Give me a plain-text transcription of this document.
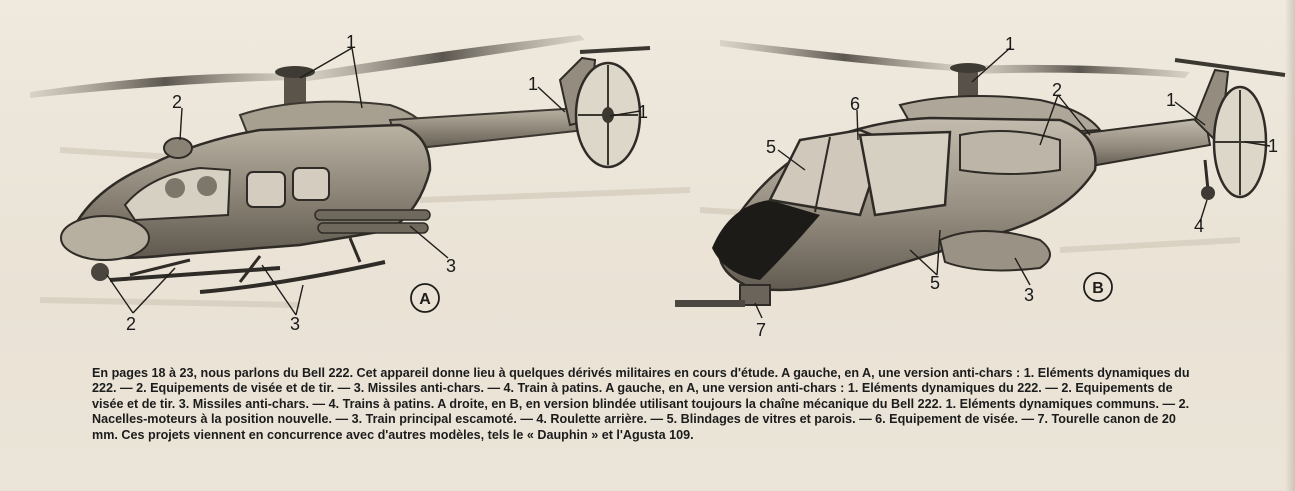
1
1
1
2
2
3
3
A
1
1
1
2
3
4
5
5
6
7
B

En pages 18 à 23, nous parlons du Bell 222. Cet appareil donne lieu à quelques dérivés militaires en cours d'étude. A gauche, en A, une version anti-chars : 1. Eléments dynamiques du 222. — 2. Equipements de visée et de tir. — 3. Missiles anti-chars. — 4. Train à patins. A gauche, en A, une version anti-chars : 1. Eléments dynamiques du 222. — 2. Equipements de visée et de tir. 3. Missiles anti-chars. — 4. Trains à patins. A droite, en B, en version blindée utilisant toujours la chaîne mécanique du Bell 222. 1. Eléments dynamiques communs. — 2. Nacelles-moteurs à la position nouvelle. — 3. Train principal escamoté. — 4. Roulette arrière. — 5. Blindages de vitres et parois. — 6. Equipement de visée. — 7. Tourelle canon de 20 mm. Ces projets viennent en concurrence avec d'autres modèles, tels le « Dauphin » et l'Agusta 109.
